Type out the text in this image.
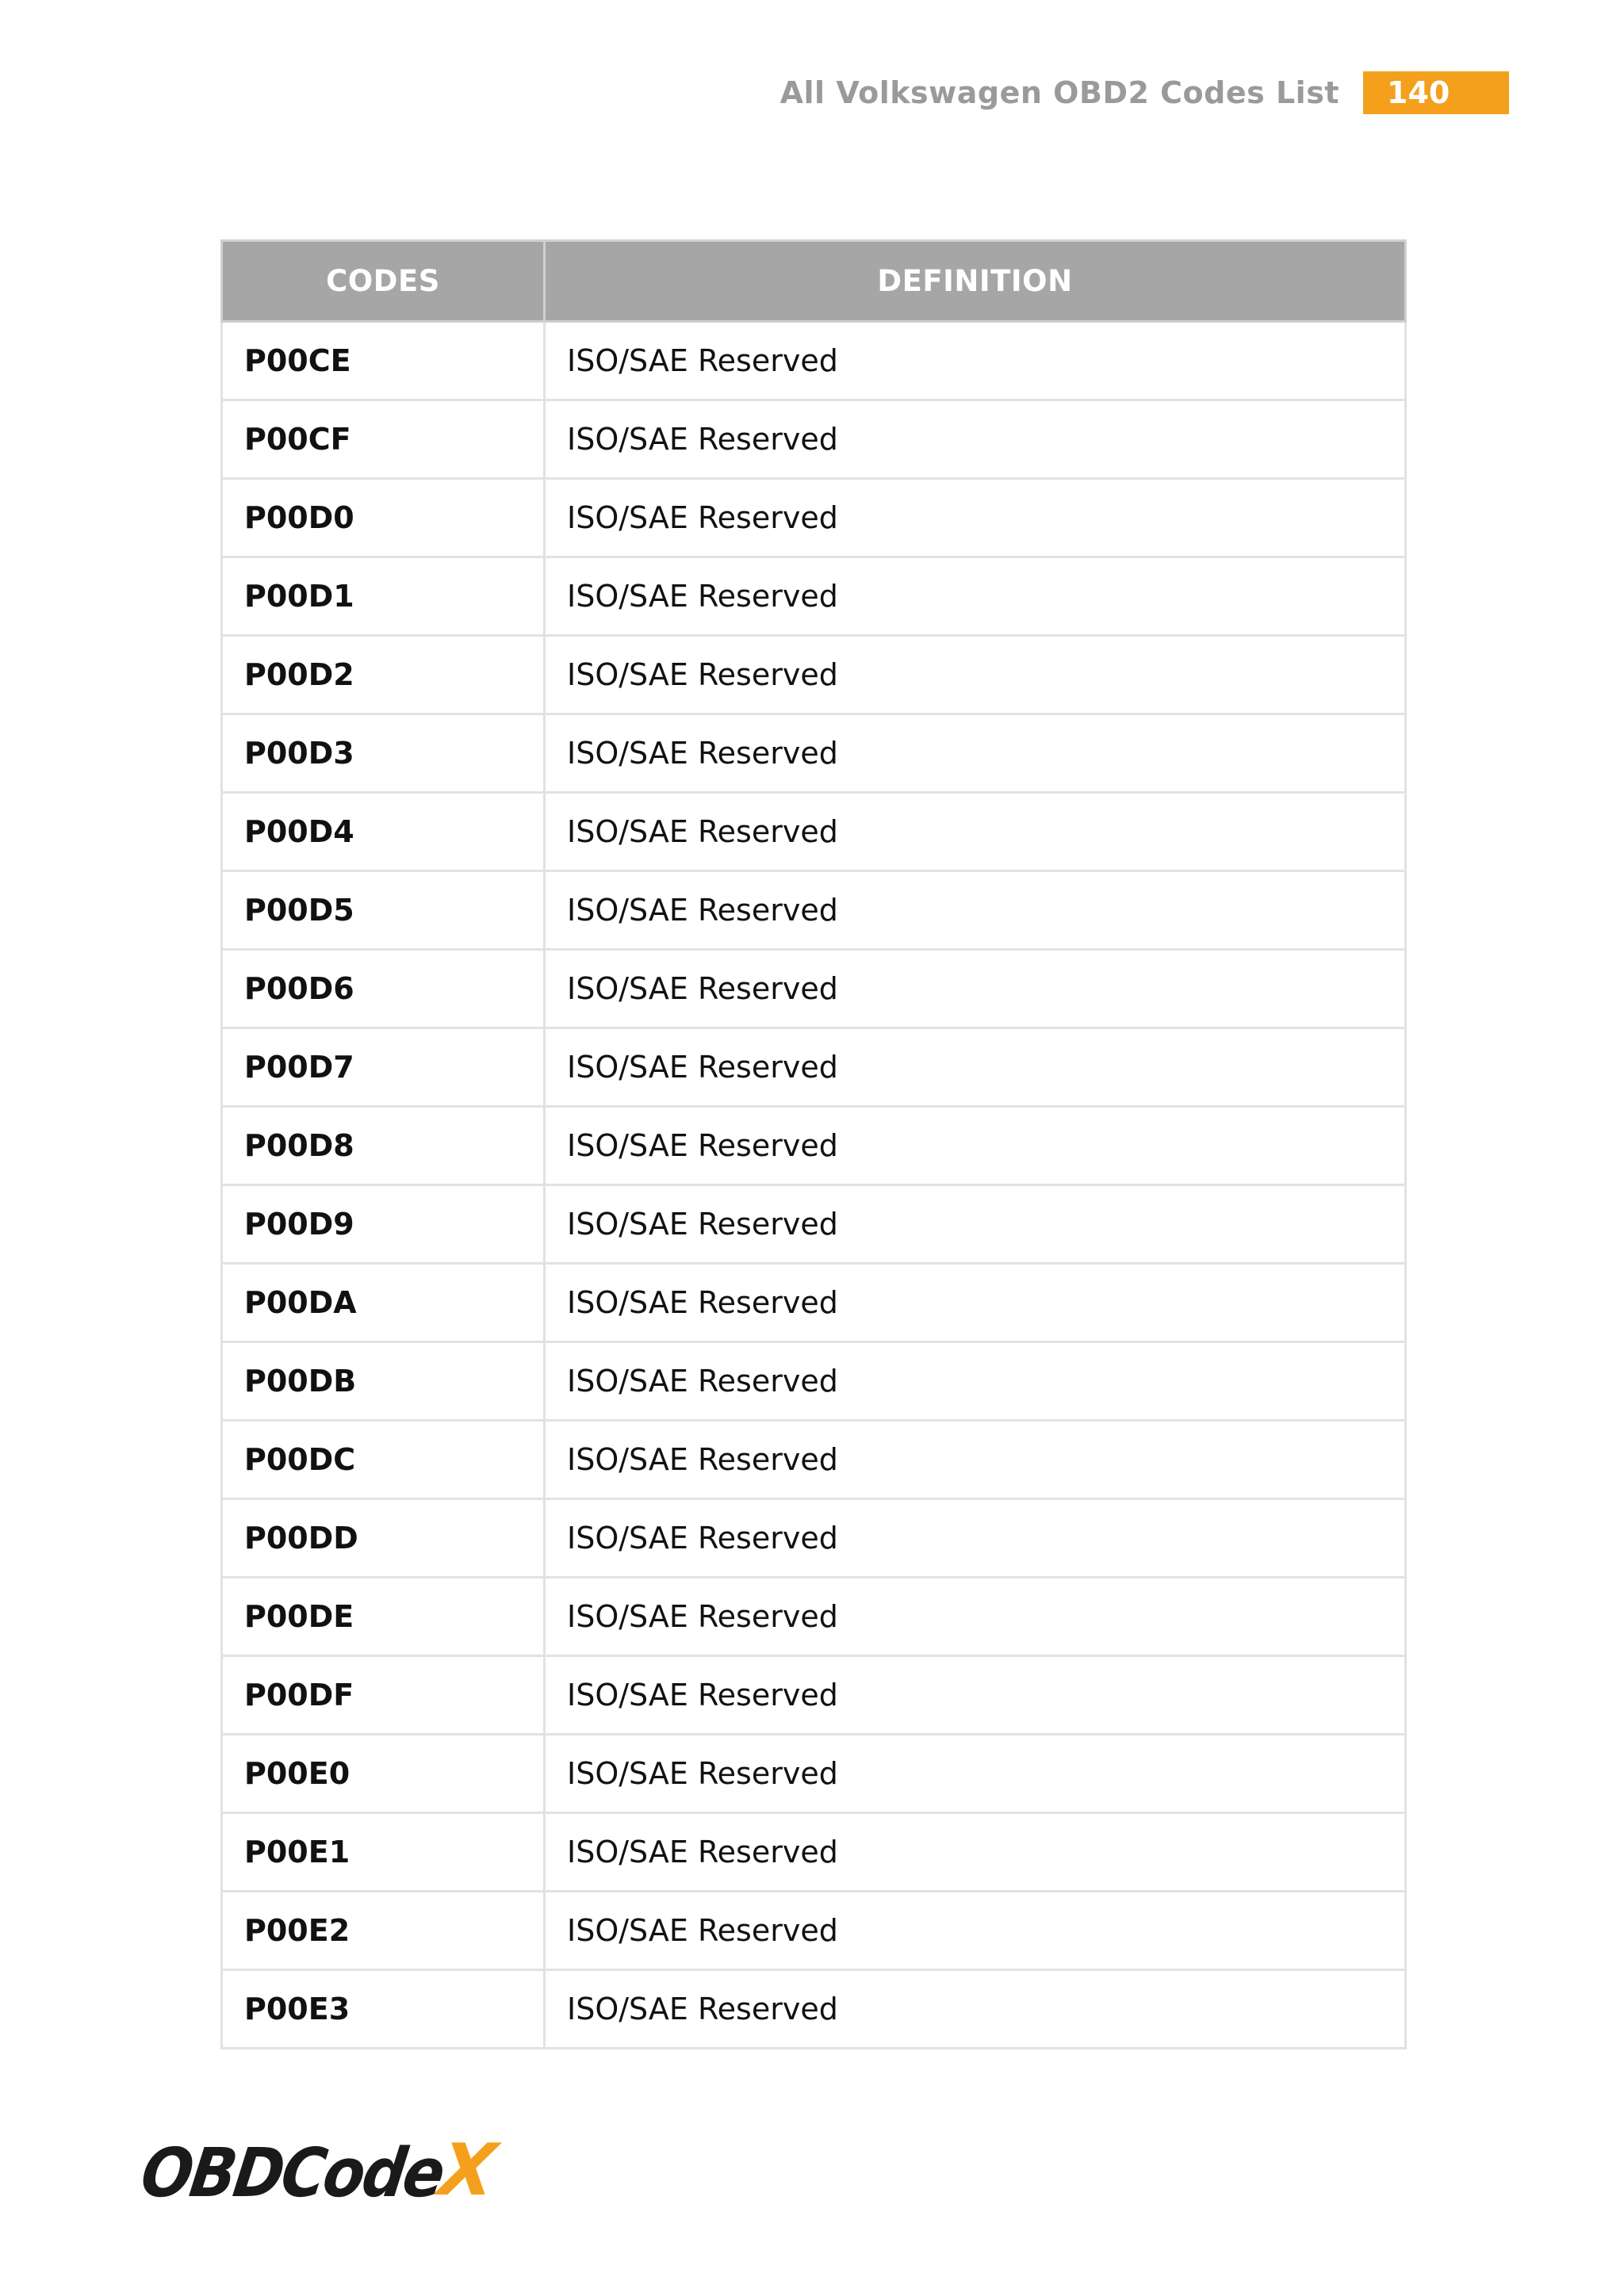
All Volkswagen OBD2 Codes List	140
CODES	DEFINITION
P00CE	ISO/SAE Reserved
P00CF	ISO/SAE Reserved
P00D0	ISO/SAE Reserved
P00D1	ISO/SAE Reserved
P00D2	ISO/SAE Reserved
P00D3	ISO/SAE Reserved
P00D4	ISO/SAE Reserved
P00D5	ISO/SAE Reserved
P00D6	ISO/SAE Reserved
P00D7	ISO/SAE Reserved
P00D8	ISO/SAE Reserved
P00D9	ISO/SAE Reserved
P00DA	ISO/SAE Reserved
P00DB	ISO/SAE Reserved
P00DC	ISO/SAE Reserved
P00DD	ISO/SAE Reserved
P00DE	ISO/SAE Reserved
P00DF	ISO/SAE Reserved
P00E0	ISO/SAE Reserved
P00E1	ISO/SAE Reserved
P00E2	ISO/SAE Reserved
P00E3	ISO/SAE Reserved
OBDCode
X
